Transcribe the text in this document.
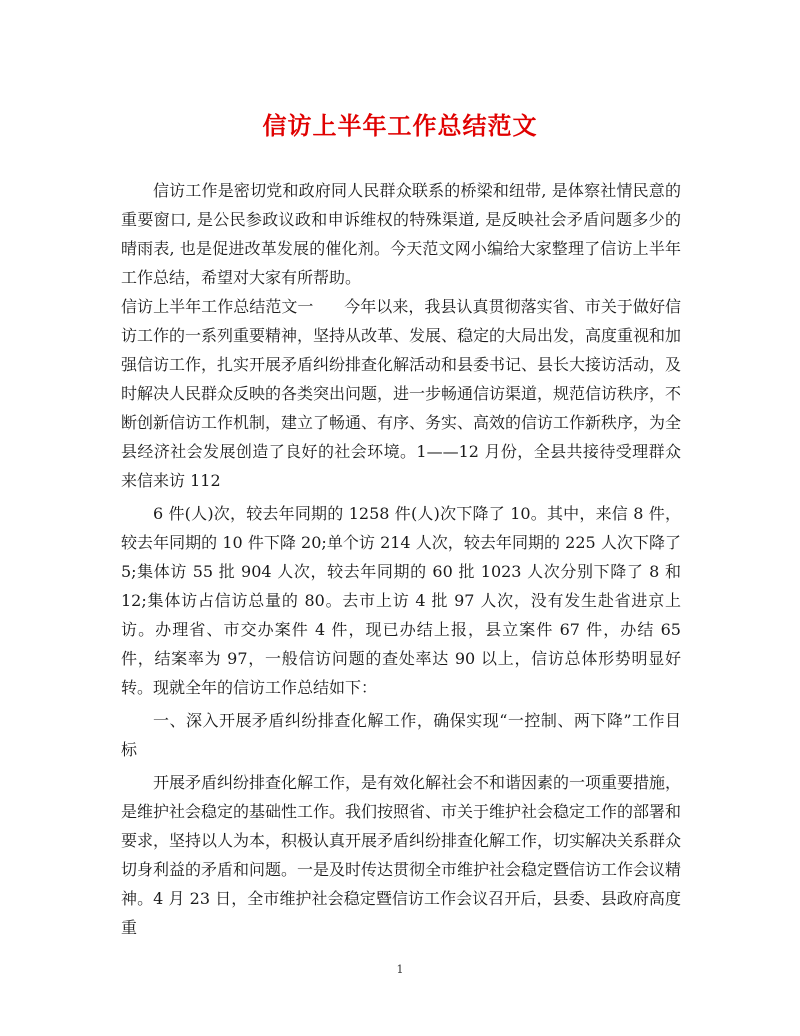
信访上半年工作总结范文

信访工作是密切党和政府同人民群众联系的桥梁和纽带, 是体察社情民意的重要窗口, 是公民参政议政和申诉维权的特殊渠道, 是反映社会矛盾问题多少的晴雨表, 也是促进改革发展的催化剂。今天范文网小编给大家整理了信访上半年工作总结，希望对大家有所帮助。

信访上半年工作总结范文一 今年以来，我县认真贯彻落实省、市关于做好信访工作的一系列重要精神，坚持从改革、发展、稳定的大局出发，高度重视和加强信访工作，扎实开展矛盾纠纷排查化解活动和县委书记、县长大接访活动，及时解决人民群众反映的各类突出问题，进一步畅通信访渠道，规范信访秩序，不断创新信访工作机制，建立了畅通、有序、务实、高效的信访工作新秩序，为全县经济社会发展创造了良好的社会环境。1——12 月份，全县共接待受理群众来信来访 112

6 件(人)次，较去年同期的 1258 件(人)次下降了 10。其中，来信 8 件，较去年同期的 10 件下降 20;单个访 214 人次，较去年同期的 225 人次下降了 5;集体访 55 批 904 人次，较去年同期的 60 批 1023 人次分别下降了 8 和 12;集体访占信访总量的 80。去市上访 4 批 97 人次，没有发生赴省进京上访。办理省、市交办案件 4 件，现已办结上报，县立案件 67 件，办结 65 件，结案率为 97，一般信访问题的查处率达 90 以上，信访总体形势明显好转。现就全年的信访工作总结如下：

一、深入开展矛盾纠纷排查化解工作，确保实现“一控制、两下降”工作目标

开展矛盾纠纷排查化解工作，是有效化解社会不和谐因素的一项重要措施，是维护社会稳定的基础性工作。我们按照省、市关于维护社会稳定工作的部署和要求，坚持以人为本，积极认真开展矛盾纠纷排查化解工作，切实解决关系群众切身利益的矛盾和问题。一是及时传达贯彻全市维护社会稳定暨信访工作会议精神。4 月 23 日，全市维护社会稳定暨信访工作会议召开后，县委、县政府高度重

1
